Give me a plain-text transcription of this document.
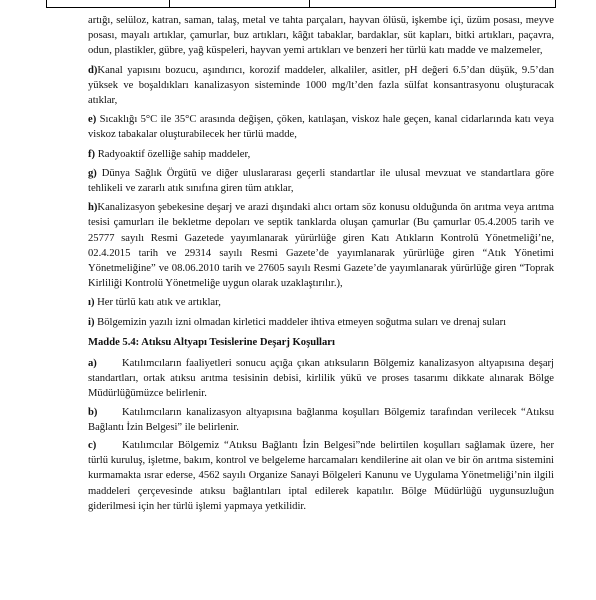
artığı, selülоz, katran, saman, talaş, metal ve tahta parçaları, hayvan ölüsü, işkembe içi, üzüm posası, meyve posası, mayalı artıklar, çamurlar, buz artıkları, kâğıt tabaklar, bardaklar, süt kapları, bitki artıkları, paçavra, odun, plastikler, gübre, yağ küspeleri, hayvan yemi artıkları ve benzeri her türlü katı madde ve malzemeler,

d)Kanal yapısını bozucu, aşındırıcı, korozif maddeler, alkaliler, asitler, pH değeri 6.5’dan düşük, 9.5’dan yüksek ve boşaldıkları kanalizasyon sisteminde 1000 mg/lt’den fazla sülfat konsantrasyonu oluşturacak atıklar,

e) Sıcaklığı 5°C ile 35°C arasında değişen, çöken, katılaşan, viskoz hale geçen, kanal cidarlarında katı veya viskoz tabakalar oluşturabilecek her türlü madde,

f) Radyoaktif özelliğe sahip maddeler,

g) Dünya Sağlık Örgütü ve diğer uluslararası geçerli standartlar ile ulusal mevzuat ve standartlara göre tehlikeli ve zararlı atık sınıfına giren tüm atıklar,

h)Kanalizasyon şebekesine deşarj ve arazi dışındaki alıcı ortam söz konusu olduğunda ön arıtma veya arıtma tesisi çamurları ile bekletme depoları ve septik tanklarda oluşan çamurlar (Bu çamurlar 05.4.2005 tarih ve 25777 sayılı Resmi Gazetede yayımlanarak yürürlüğe giren Katı Atıkların Kontrolü Yönetmeliği’ne, 02.4.2015 tarih ve 29314 sayılı Resmi Gazete’de yayımlanarak yürürlüğe giren “Atık Yönetimi Yönetmeliğine” ve 08.06.2010 tarih ve 27605 sayılı Resmi Gazete’de yayımlanarak yürürlüğe giren “Toprak Kirliliği Kontrolü Yönetmeliğe uygun olarak uzaklaştırılır.),

ı) Her türlü katı atık ve artıklar,

i) Bölgemizin yazılı izni olmadan kirletici maddeler ihtiva etmeyen soğutma suları ve drenaj suları

Madde 5.4: Atıksu Altyapı Tesislerine Deşarj Koşulları

a) Katılımcıların faaliyetleri sonucu açığa çıkan atıksuların Bölgemiz kanalizasyon altyapısına deşarj standartları, ortak atıksu arıtma tesisinin debisi, kirlilik yükü ve proses tasarımı dikkate alınarak Bölge Müdürlüğümüzce belirlenir.

b) Katılımcıların kanalizasyon altyapısına bağlanma koşulları Bölgemiz tarafından verilecek “Atıksu Bağlantı İzin Belgesi” ile belirlenir.

c) Katılımcılar Bölgemiz “Atıksu Bağlantı İzin Belgesi”nde belirtilen koşulları sağlamak üzere, her türlü kuruluş, işletme, bakım, kontrol ve belgeleme harcamaları kendilerine ait olan ve bir ön arıtma sistemini kurmamakta ısrar ederse, 4562 sayılı Organize Sanayi Bölgeleri Kanunu ve Uygulama Yönetmeliği’nin ilgili maddeleri çerçevesinde atıksu bağlantıları iptal edilerek kapatılır. Bölge Müdürlüğü uygunsuzluğun giderilmesi için her türlü işlemi yapmaya yetkilidir.
